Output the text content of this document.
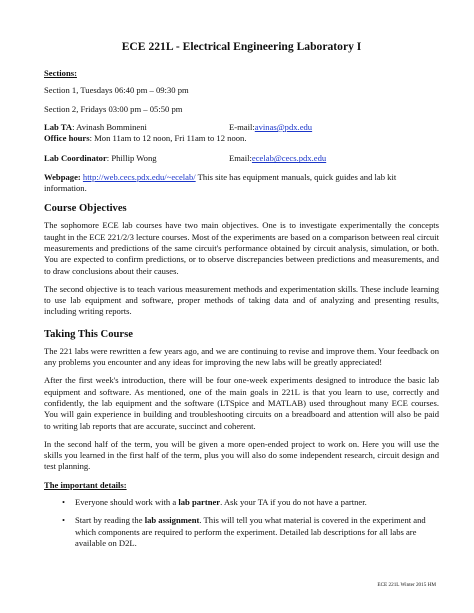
ECE 221L - Electrical Engineering Laboratory I

Sections:

Section 1, Tuesdays 06:40 pm – 09:30 pm

Section 2, Fridays 03:00 pm – 05:50 pm

Lab TA: Avinash Bommineni	E-mail: avinas@pdx.edu

Office hours: Mon 11am to 12 noon, Fri 11am to 12 noon.

Lab Coordinator: Phillip Wong	Email: ecelab@cecs.pdx.edu

Webpage: http://web.cecs.pdx.edu/~ecelab/ This site has equipment manuals, quick guides and lab kit information.

Course Objectives

The sophomore ECE lab courses have two main objectives. One is to investigate experimentally the concepts taught in the ECE 221/2/3 lecture courses. Most of the experiments are based on a comparison between real circuit measurements and predictions of the same circuit's performance obtained by circuit analysis, simulation, or both. You are expected to confirm predictions, or to observe discrepancies between predictions and measurements, and to draw conclusions about their causes.

The second objective is to teach various measurement methods and experimentation skills. These include learning to use lab equipment and software, proper methods of taking data and of analyzing and presenting results, including writing reports.

Taking This Course

The 221 labs were rewritten a few years ago, and we are continuing to revise and improve them. Your feedback on any problems you encounter and any ideas for improving the new labs will be greatly appreciated!

After the first week's introduction, there will be four one-week experiments designed to introduce the basic lab equipment and software. As mentioned, one of the main goals in 221L is that you learn to use, correctly and confidently, the lab equipment and the software (LTSpice and MATLAB) used throughout many ECE courses. You will gain experience in building and troubleshooting circuits on a breadboard and attention will also be paid to writing lab reports that are accurate, succinct and coherent.

In the second half of the term, you will be given a more open-ended project to work on. Here you will use the skills you learned in the first half of the term, plus you will also do some independent research, circuit design and test planning.

The important details:

• Everyone should work with a lab partner. Ask your TA if you do not have a partner.
• Start by reading the lab assignment. This will tell you what material is covered in the experiment and which components are required to perform the experiment. Detailed lab descriptions for all labs are available on D2L.
ECE 221L Winter 2015 HM
